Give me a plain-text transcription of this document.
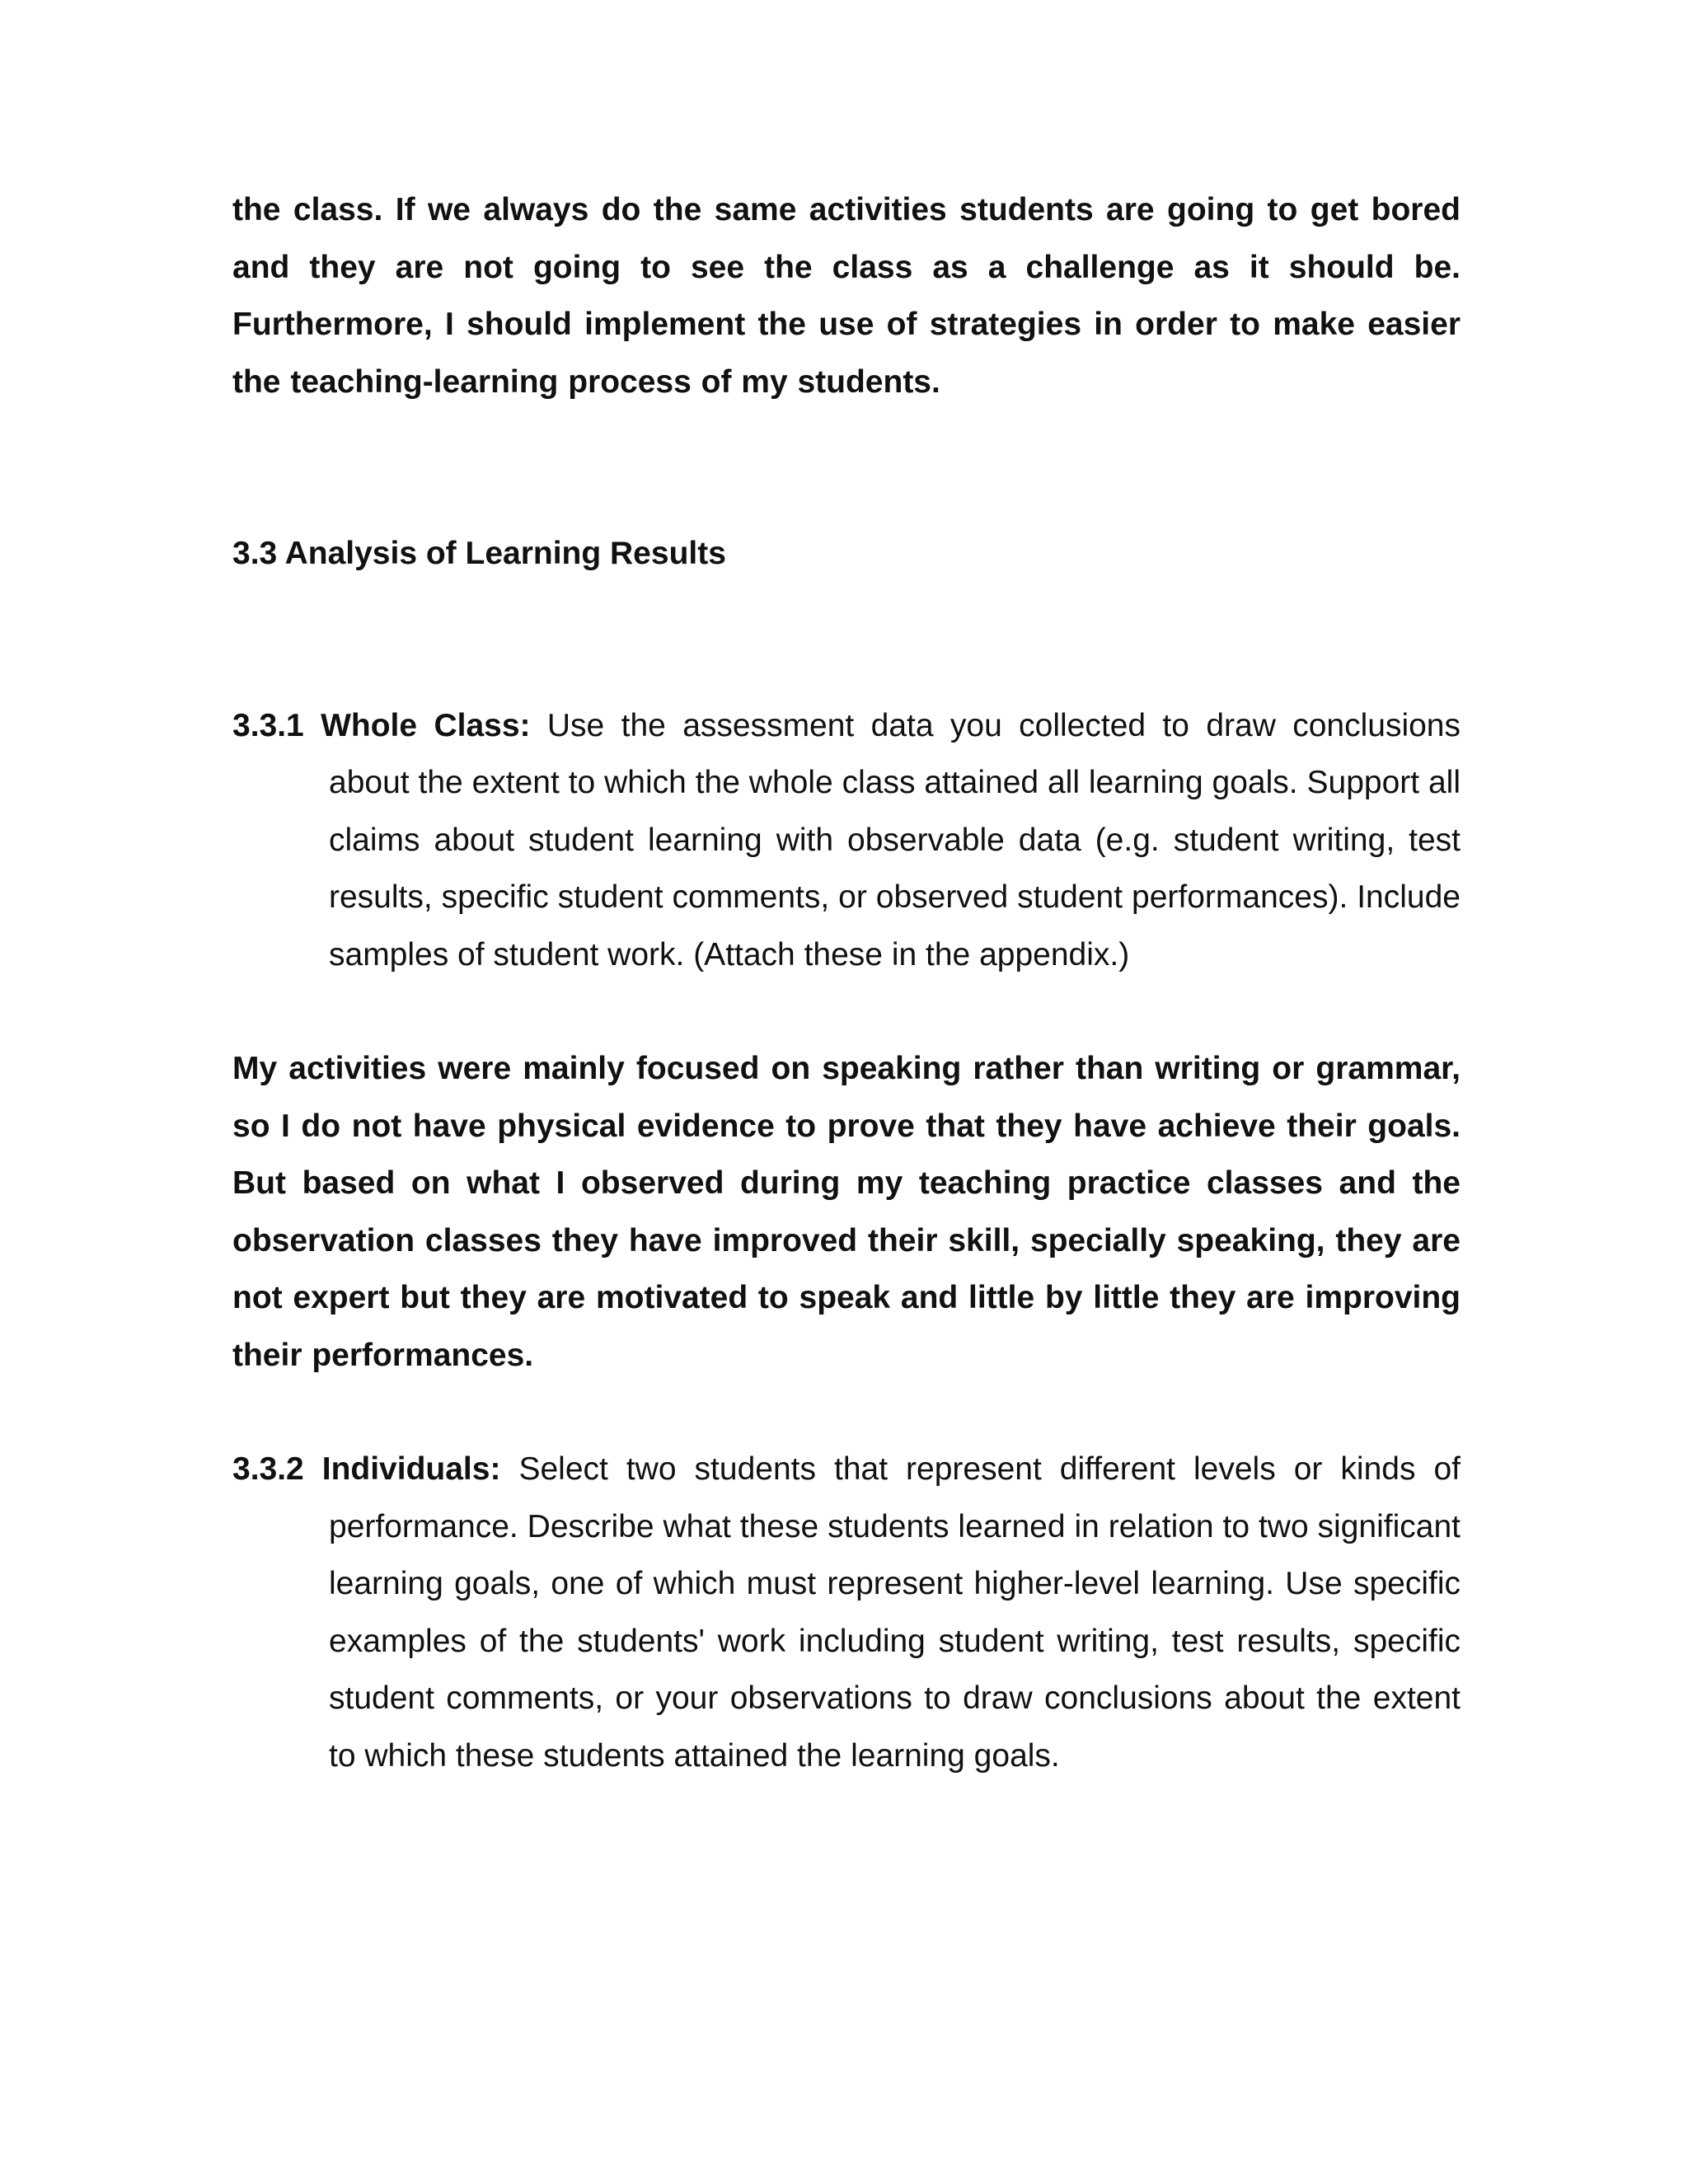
the class. If we always do the same activities students are going to get bored and they are not going to see the class as a challenge as it should be. Furthermore, I should implement the use of strategies in order to make easier the teaching-learning process of my students.

3.3 Analysis of Learning Results

3.3.1 Whole Class: Use the assessment data you collected to draw conclusions about the extent to which the whole class attained all learning goals. Support all claims about student learning with observable data (e.g. student writing, test results, specific student comments, or observed student performances). Include samples of student work. (Attach these in the appendix.)

My activities were mainly focused on speaking rather than writing or grammar, so I do not have physical evidence to prove that they have achieve their goals. But based on what I observed during my teaching practice classes and the observation classes they have improved their skill, specially speaking, they are not expert but they are motivated to speak and little by little they are improving their performances.

3.3.2 Individuals: Select two students that represent different levels or kinds of performance. Describe what these students learned in relation to two significant learning goals, one of which must represent higher-level learning. Use specific examples of the students' work including student writing, test results, specific student comments, or your observations to draw conclusions about the extent to which these students attained the learning goals.
